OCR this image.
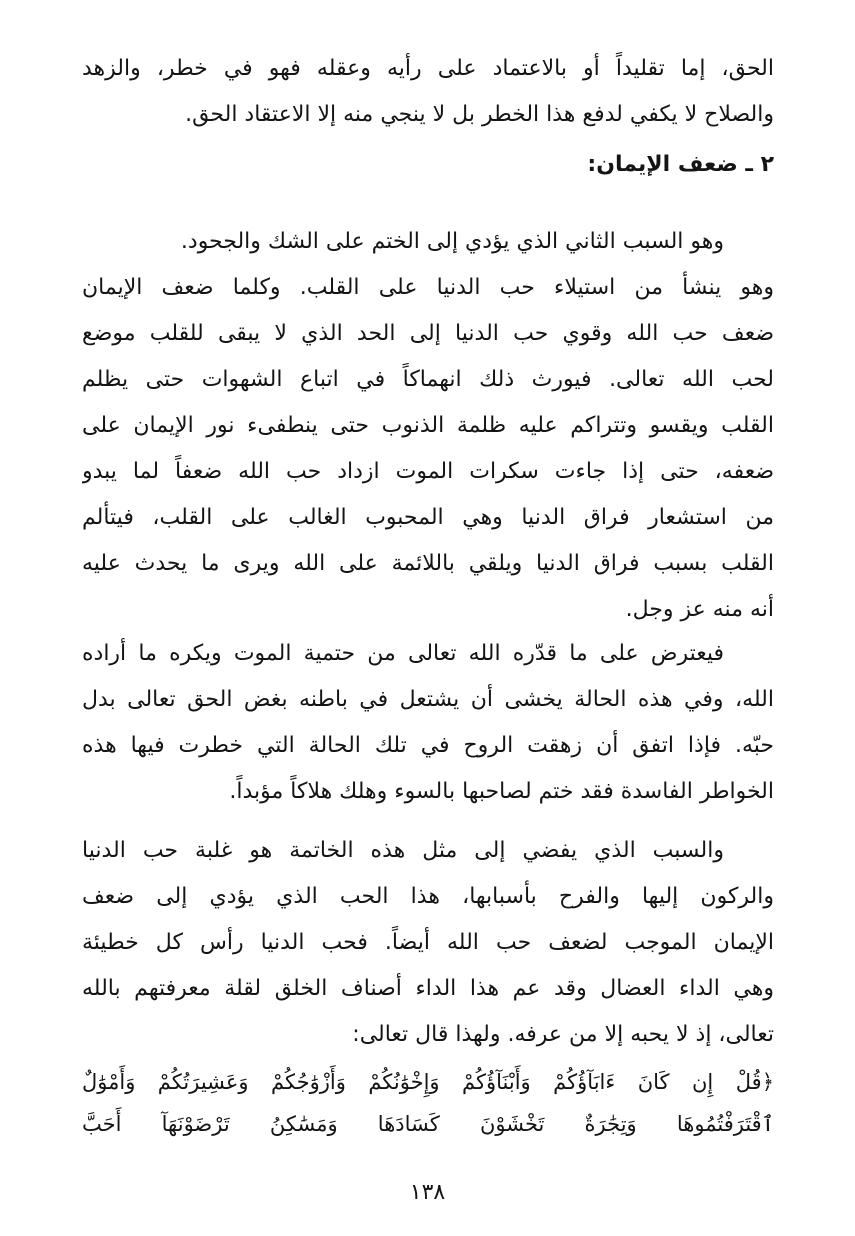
الحق، إما تقليداً أو بالاعتماد على رأيه وعقله فهو في خطر، والزهد
والصلاح لا يكفي لدفع هذا الخطر بل لا ينجي منه إلا الاعتقاد الحق.
٢ ـ ضعف الإيمان:
وهو السبب الثاني الذي يؤدي إلى الختم على الشك والجحود.
وهو ينشأ من استيلاء حب الدنيا على القلب. وكلما ضعف الإيمان
ضعف حب الله وقوي حب الدنيا إلى الحد الذي لا يبقى للقلب موضع
لحب الله تعالى. فيورث ذلك انهماكاً في اتباع الشهوات حتى يظلم
القلب ويقسو وتتراكم عليه ظلمة الذنوب حتى ينطفىء نور الإيمان على
ضعفه، حتى إذا جاءت سكرات الموت ازداد حب الله ضعفاً لما يبدو
من استشعار فراق الدنيا وهي المحبوب الغالب على القلب، فيتألم
القلب بسبب فراق الدنيا ويلقي باللائمة على الله ويرى ما يحدث عليه
أنه منه عز وجل.
فيعترض على ما قدّره الله تعالى من حتمية الموت ويكره ما أراده
الله، وفي هذه الحالة يخشى أن يشتعل في باطنه بغض الحق تعالى بدل
حبّه. فإذا اتفق أن زهقت الروح في تلك الحالة التي خطرت فيها هذه
الخواطر الفاسدة فقد ختم لصاحبها بالسوء وهلك هلاكاً مؤبداً.
والسبب الذي يفضي إلى مثل هذه الخاتمة هو غلبة حب الدنيا
والركون إليها والفرح بأسبابها، هذا الحب الذي يؤدي إلى ضعف
الإيمان الموجب لضعف حب الله أيضاً. فحب الدنيا رأس كل خطيئة
وهي الداء العضال وقد عم هذا الداء أصناف الخلق لقلة معرفتهم بالله
تعالى، إذ لا يحبه إلا من عرفه. ولهذا قال تعالى:
﴿قُلْ إِن كَانَ ءَابَآؤُكُمْ وَأَبْنَآؤُكُمْ وَإِخْوَٰنُكُمْ وَأَزْوَٰجُكُمْ وَعَشِيرَتُكُمْ وَأَمْوَٰلٌ
ٱقْتَرَفْتُمُوهَا وَتِجَٰرَةٌ تَخْشَوْنَ كَسَادَهَا وَمَسَٰكِنُ تَرْضَوْنَهَآ أَحَبَّ
١٣٨
